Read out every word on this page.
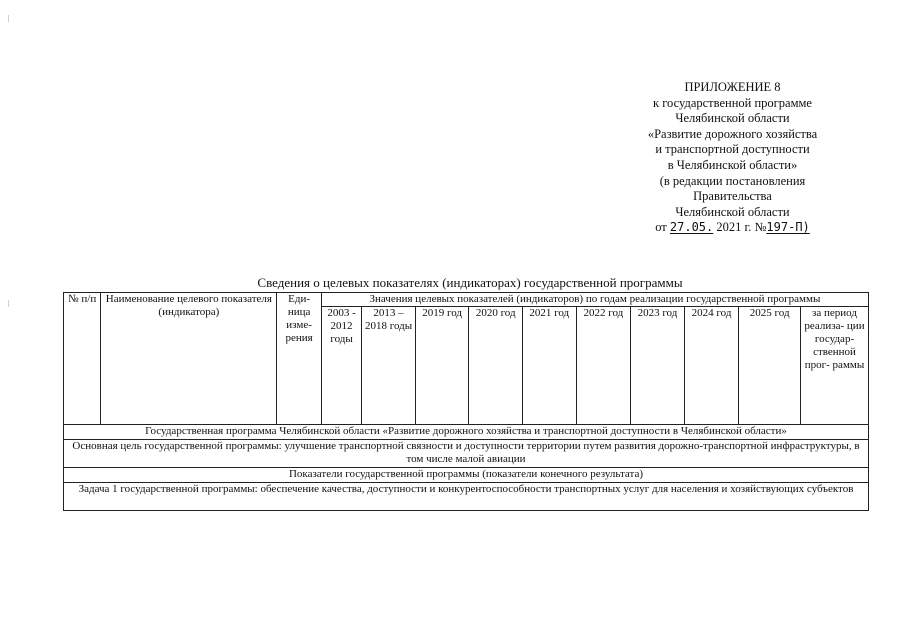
ПРИЛОЖЕНИЕ 8
к государственной программе
Челябинской области
«Развитие дорожного хозяйства
и транспортной доступности
в Челябинской области»
(в редакции постановления
Правительства
Челябинской области
от 27.05. 2021 г. №197-П)
Сведения о целевых показателях (индикаторах) государственной программы
№ п/п	Наименование целевого показателя (индикатора)	Еди- ница изме- рения	Значения целевых показателей (индикаторов) по годам реализации государственной программы									
			2003 - 2012 годы	2013 – 2018 годы	2019 год	2020 год	2021 год	2022 год	2023 год	2024 год	2025 год	за период реализа- ции государ- ственной прог- раммы
Государственная программа Челябинской области «Развитие дорожного хозяйства и транспортной доступности в Челябинской области»												
Основная цель государственной программы: улучшение транспортной связности и доступности территории путем развития дорожно-транспортной инфраструктуры, в том числе малой авиации												
Показатели государственной программы (показатели конечного результата)												
Задача 1 государственной программы: обеспечение качества, доступности и конкурентоспособности транспортных услуг для населения и хозяйствующих субъектов												
